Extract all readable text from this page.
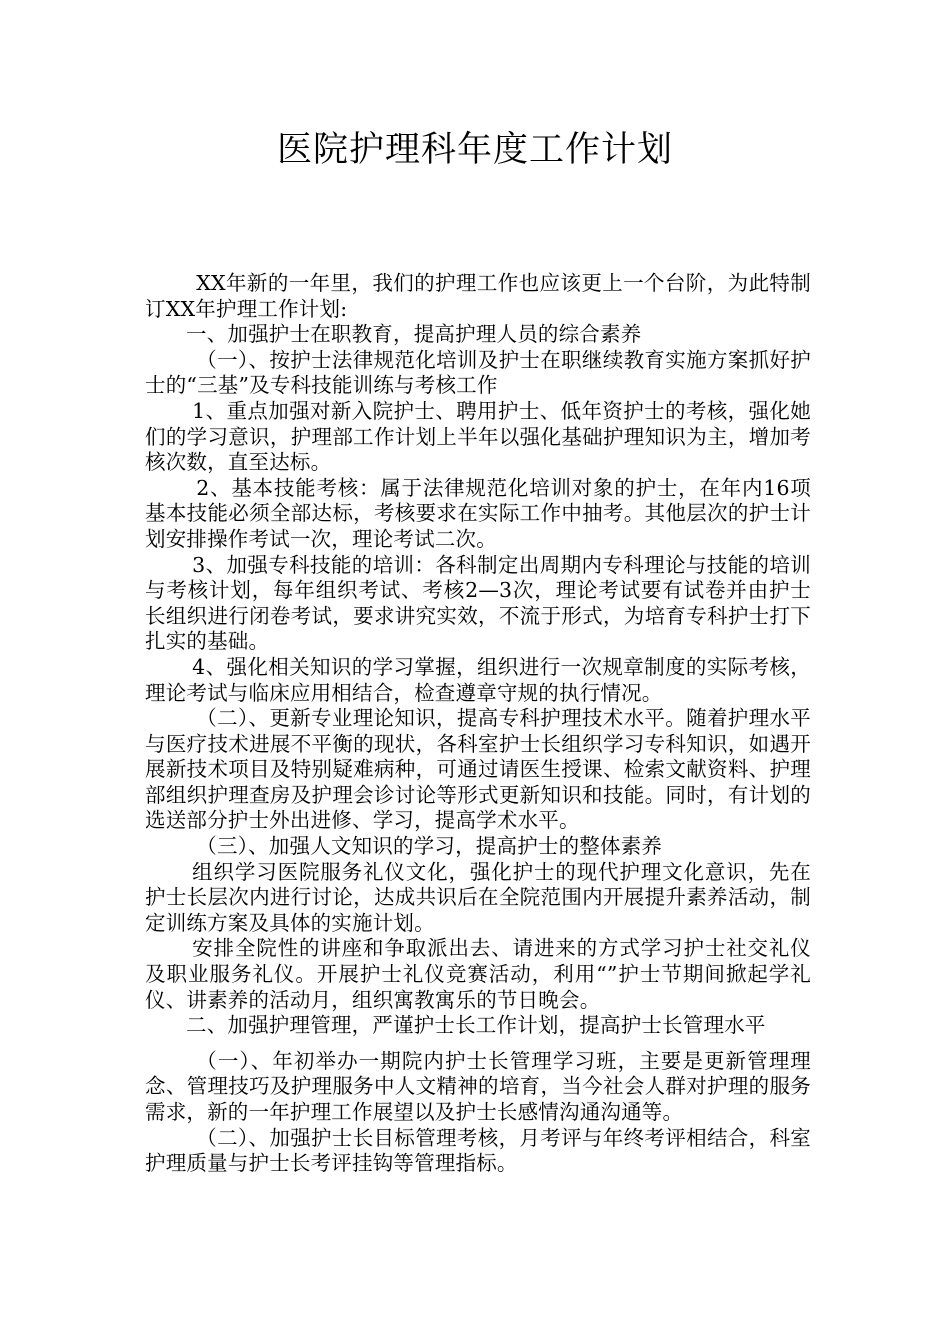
医院护理科年度工作计划

XX年新的一年里，我们的护理工作也应该更上一个台阶，为此特制订XX年护理工作计划:

一、加强护士在职教育，提高护理人员的综合素养

（一）、按护士法律规范化培训及护士在职继续教育实施方案抓好护士的“三基”及专科技能训练与考核工作

1、重点加强对新入院护士、聘用护士、低年资护士的考核，强化她们的学习意识，护理部工作计划上半年以强化基础护理知识为主，增加考核次数，直至达标。

2、基本技能考核：属于法律规范化培训对象的护士，在年内16项基本技能必须全部达标，考核要求在实际工作中抽考。其他层次的护士计划安排操作考试一次，理论考试二次。

3、加强专科技能的培训：各科制定出周期内专科理论与技能的培训与考核计划，每年组织考试、考核2—3次，理论考试要有试卷并由护士长组织进行闭卷考试，要求讲究实效，不流于形式，为培育专科护士打下扎实的基础。

4、强化相关知识的学习掌握，组织进行一次规章制度的实际考核，理论考试与临床应用相结合，检查遵章守规的执行情况。

（二）、更新专业理论知识，提高专科护理技术水平。随着护理水平与医疗技术进展不平衡的现状，各科室护士长组织学习专科知识，如遇开展新技术项目及特别疑难病种，可通过请医生授课、检索文献资料、护理部组织护理查房及护理会诊讨论等形式更新知识和技能。同时，有计划的选送部分护士外出进修、学习，提高学术水平。

（三）、加强人文知识的学习，提高护士的整体素养

组织学习医院服务礼仪文化，强化护士的现代护理文化意识，先在护士长层次内进行讨论，达成共识后在全院范围内开展提升素养活动，制定训练方案及具体的实施计划。

安排全院性的讲座和争取派出去、请进来的方式学习护士社交礼仪及职业服务礼仪。开展护士礼仪竞赛活动，利用“”护士节期间掀起学礼仪、讲素养的活动月，组织寓教寓乐的节日晚会。

二、加强护理管理，严谨护士长工作计划，提高护士长管理水平

（一）、年初举办一期院内护士长管理学习班，主要是更新管理理念、管理技巧及护理服务中人文精神的培育，当今社会人群对护理的服务需求，新的一年护理工作展望以及护士长感情沟通沟通等。

（二）、加强护士长目标管理考核，月考评与年终考评相结合，科室护理质量与护士长考评挂钩等管理指标。
